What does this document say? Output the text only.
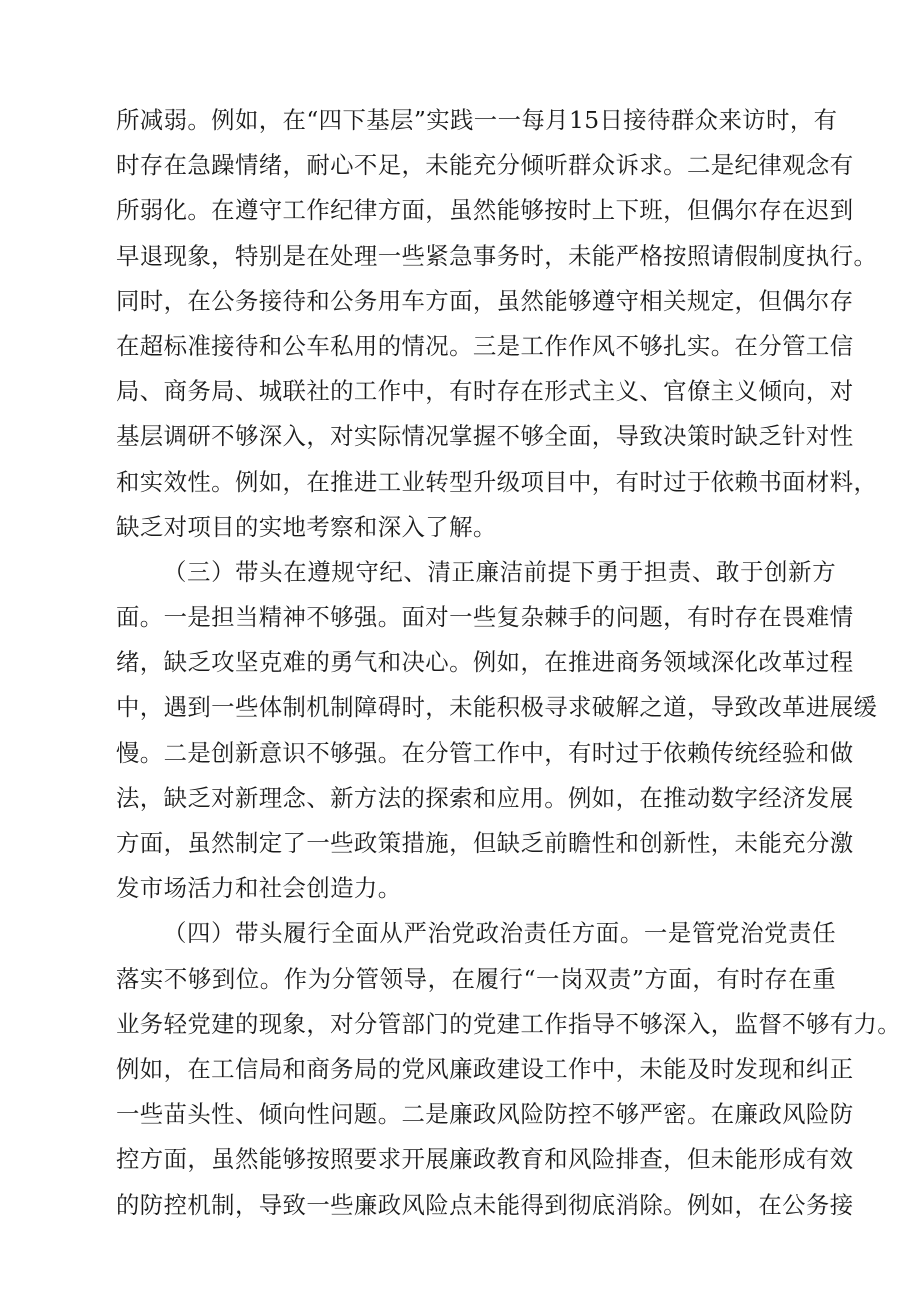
所减弱。例如，在“四下基层”实践一一每月15日接待群众来访时，有
时存在急躁情绪，耐心不足，未能充分倾听群众诉求。二是纪律观念有
所弱化。在遵守工作纪律方面，虽然能够按时上下班，但偶尔存在迟到
早退现象，特别是在处理一些紧急事务时，未能严格按照请假制度执行。
同时，在公务接待和公务用车方面，虽然能够遵守相关规定，但偶尔存
在超标准接待和公车私用的情况。三是工作作风不够扎实。在分管工信
局、商务局、城联社的工作中，有时存在形式主义、官僚主义倾向，对
基层调研不够深入，对实际情况掌握不够全面，导致决策时缺乏针对性
和实效性。例如，在推进工业转型升级项目中，有时过于依赖书面材料，
缺乏对项目的实地考察和深入了解。
（三）带头在遵规守纪、清正廉洁前提下勇于担责、敢于创新方
面。一是担当精神不够强。面对一些复杂棘手的问题，有时存在畏难情
绪，缺乏攻坚克难的勇气和决心。例如，在推进商务领域深化改革过程
中，遇到一些体制机制障碍时，未能积极寻求破解之道，导致改革进展缓
慢。二是创新意识不够强。在分管工作中，有时过于依赖传统经验和做
法，缺乏对新理念、新方法的探索和应用。例如，在推动数字经济发展
方面，虽然制定了一些政策措施，但缺乏前瞻性和创新性，未能充分激
发市场活力和社会创造力。
（四）带头履行全面从严治党政治责任方面。一是管党治党责任
落实不够到位。作为分管领导，在履行“一岗双责”方面，有时存在重
业务轻党建的现象，对分管部门的党建工作指导不够深入，监督不够有力。
例如，在工信局和商务局的党风廉政建设工作中，未能及时发现和纠正
一些苗头性、倾向性问题。二是廉政风险防控不够严密。在廉政风险防
控方面，虽然能够按照要求开展廉政教育和风险排查，但未能形成有效
的防控机制，导致一些廉政风险点未能得到彻底消除。例如，在公务接
